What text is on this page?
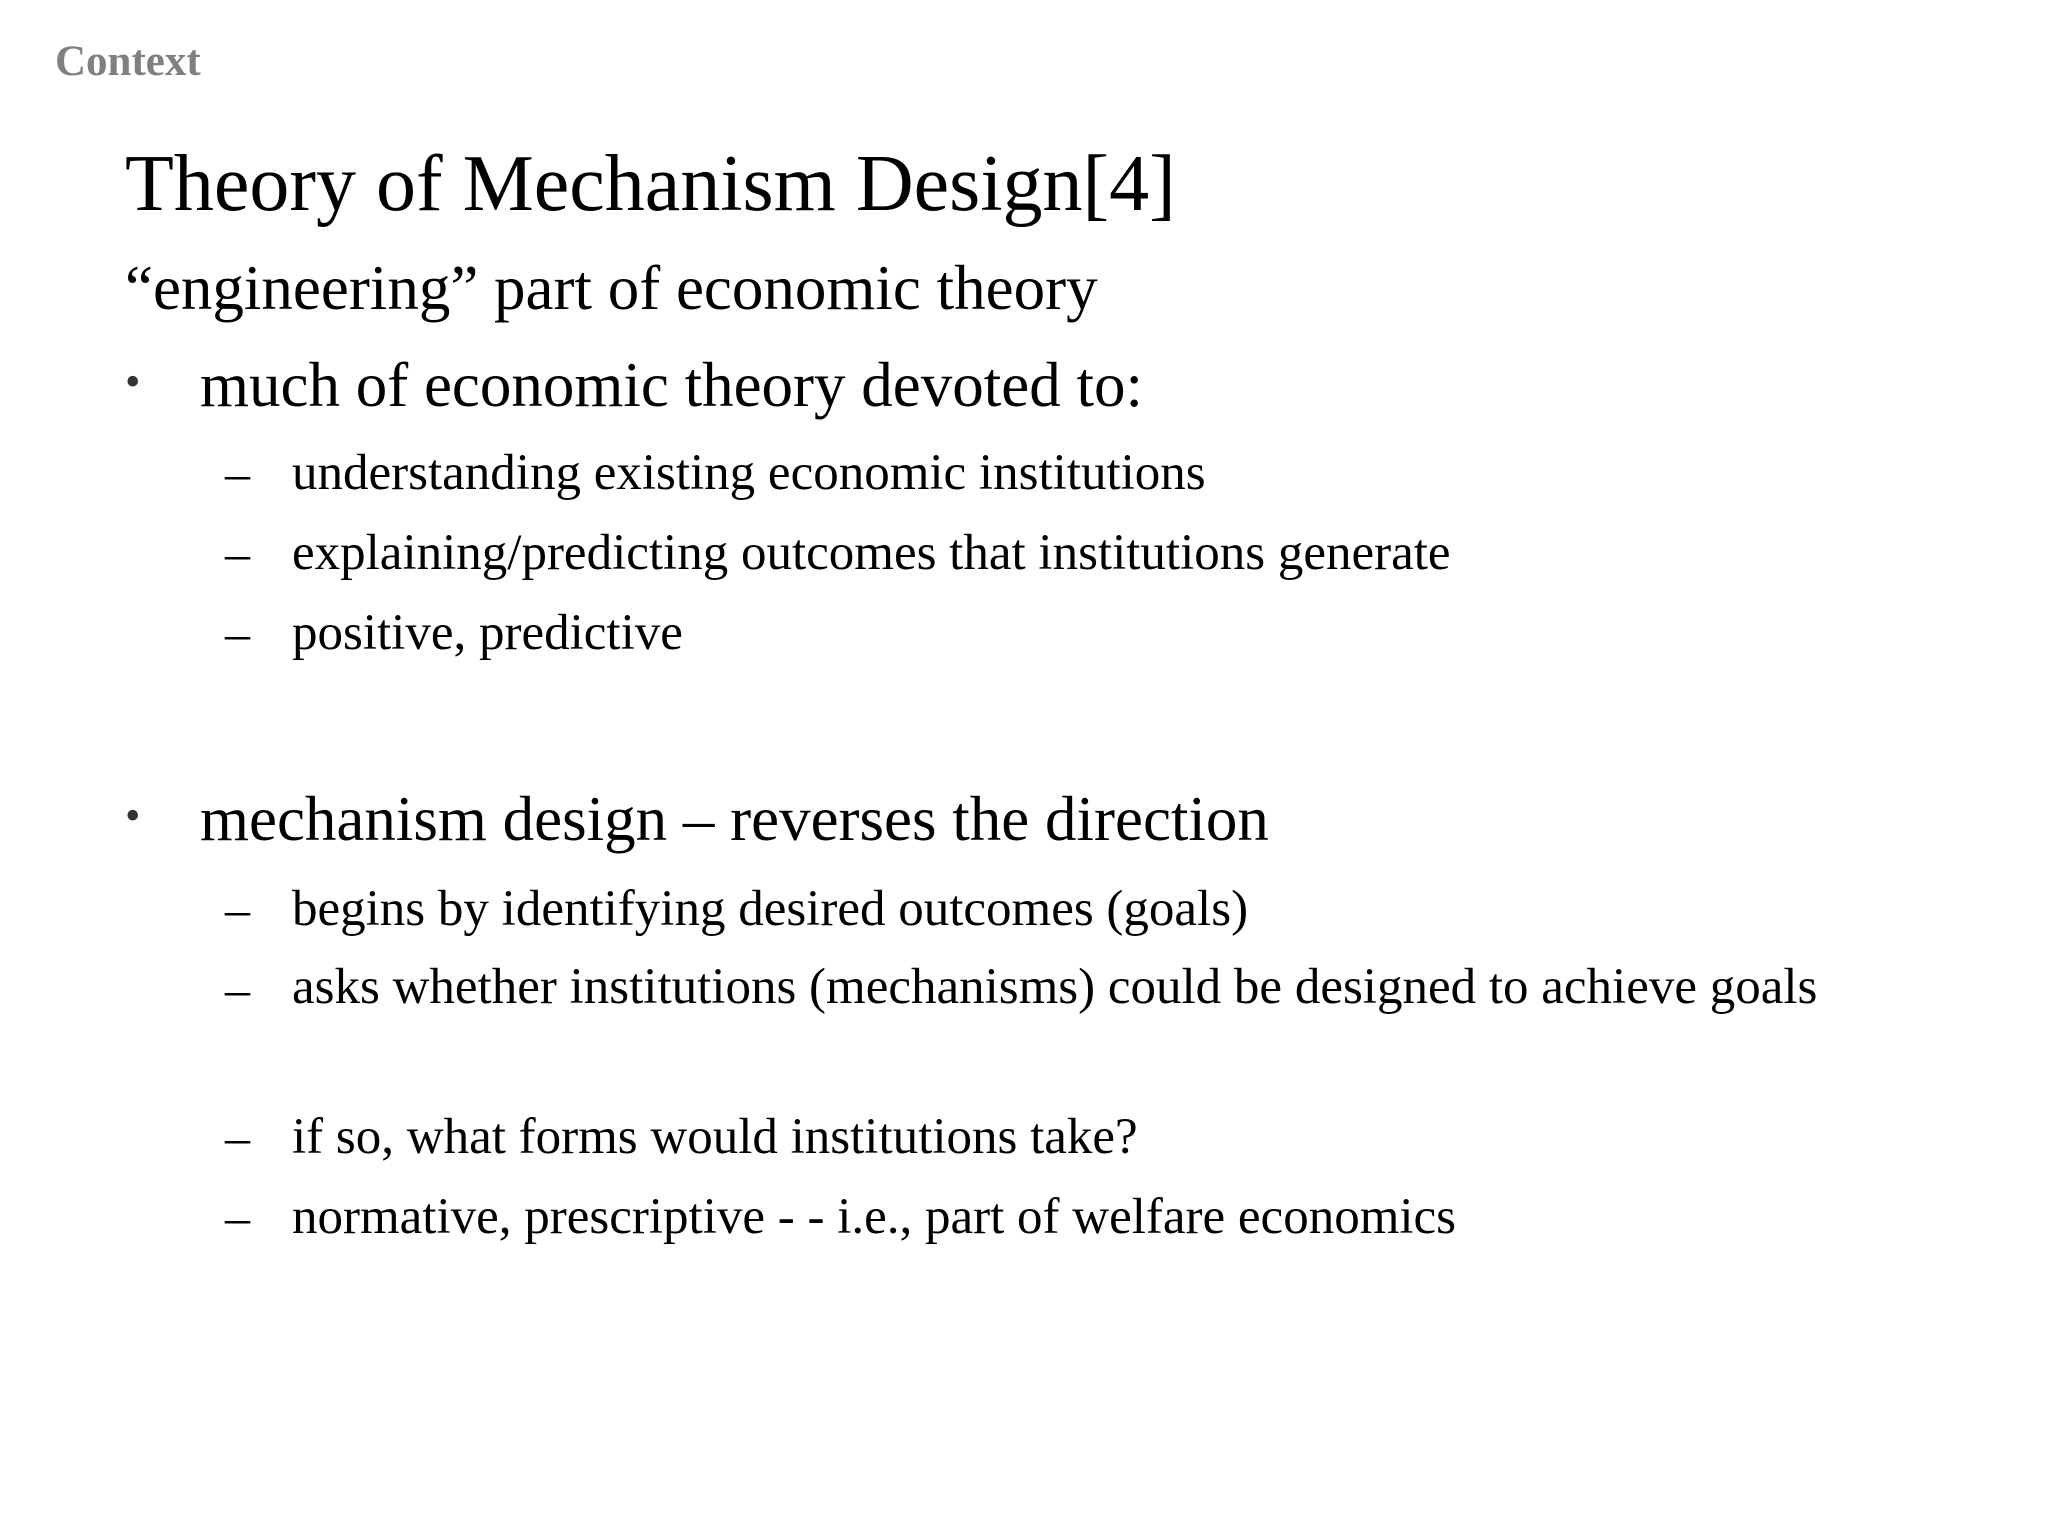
Context
Theory of Mechanism Design[4]
“engineering” part of economic theory
• much of economic theory devoted to:
– understanding existing economic institutions
– explaining/predicting outcomes that institutions generate
– positive, predictive
• mechanism design – reverses the direction
– begins by identifying desired outcomes (goals)
– asks whether institutions (mechanisms) could be designed to achieve goals
– if so, what forms would institutions take?
– normative, prescriptive - - i.e., part of welfare economics
